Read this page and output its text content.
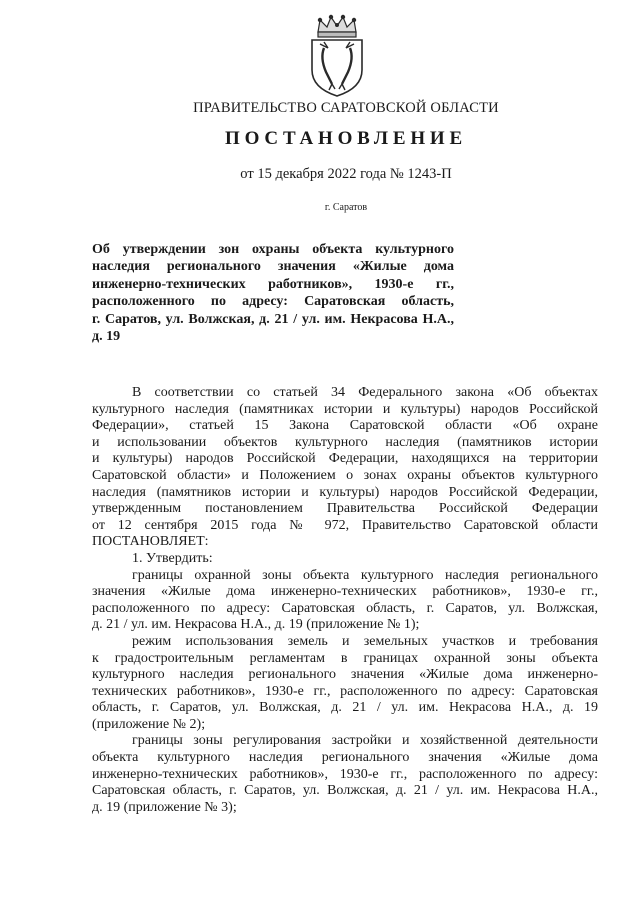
ПРАВИТЕЛЬСТВО САРАТОВСКОЙ ОБЛАСТИ
ПОСТАНОВЛЕНИЕ
от 15 декабря 2022 года № 1243-П
г. Саратов
Об утверждении зон охраны объекта культурного
наследия регионального значения «Жилые дома
инженерно-технических работников», 1930-е гг.,
расположенного по адресу: Саратовская область,
г. Саратов, ул. Волжская, д. 21 / ул. им. Некрасова Н.А.,
д. 19
В соответствии со статьей 34 Федерального закона «Об объектах
культурного наследия (памятниках истории и культуры) народов Российской
Федерации», статьей 15 Закона Саратовской области «Об охране
и использовании объектов культурного наследия (памятников истории
и культуры) народов Российской Федерации, находящихся на территории
Саратовской области» и Положением о зонах охраны объектов культурного
наследия (памятников истории и культуры) народов Российской Федерации,
утвержденным постановлением Правительства Российской Федерации
от 12 сентября 2015 года № 972, Правительство Саратовской области
ПОСТАНОВЛЯЕТ:
1. Утвердить:
границы охранной зоны объекта культурного наследия регионального
значения «Жилые дома инженерно-технических работников», 1930-е гг.,
расположенного по адресу: Саратовская область, г. Саратов, ул. Волжская,
д. 21 / ул. им. Некрасова Н.А., д. 19 (приложение № 1);
режим использования земель и земельных участков и требования
к градостроительным регламентам в границах охранной зоны объекта
культурного наследия регионального значения «Жилые дома инженерно-
технических работников», 1930-е гг., расположенного по адресу: Саратовская
область, г. Саратов, ул. Волжская, д. 21 / ул. им. Некрасова Н.А., д. 19
(приложение № 2);
границы зоны регулирования застройки и хозяйственной деятельности
объекта культурного наследия регионального значения «Жилые дома
инженерно-технических работников», 1930-е гг., расположенного по адресу:
Саратовская область, г. Саратов, ул. Волжская, д. 21 / ул. им. Некрасова Н.А.,
д. 19 (приложение № 3);
